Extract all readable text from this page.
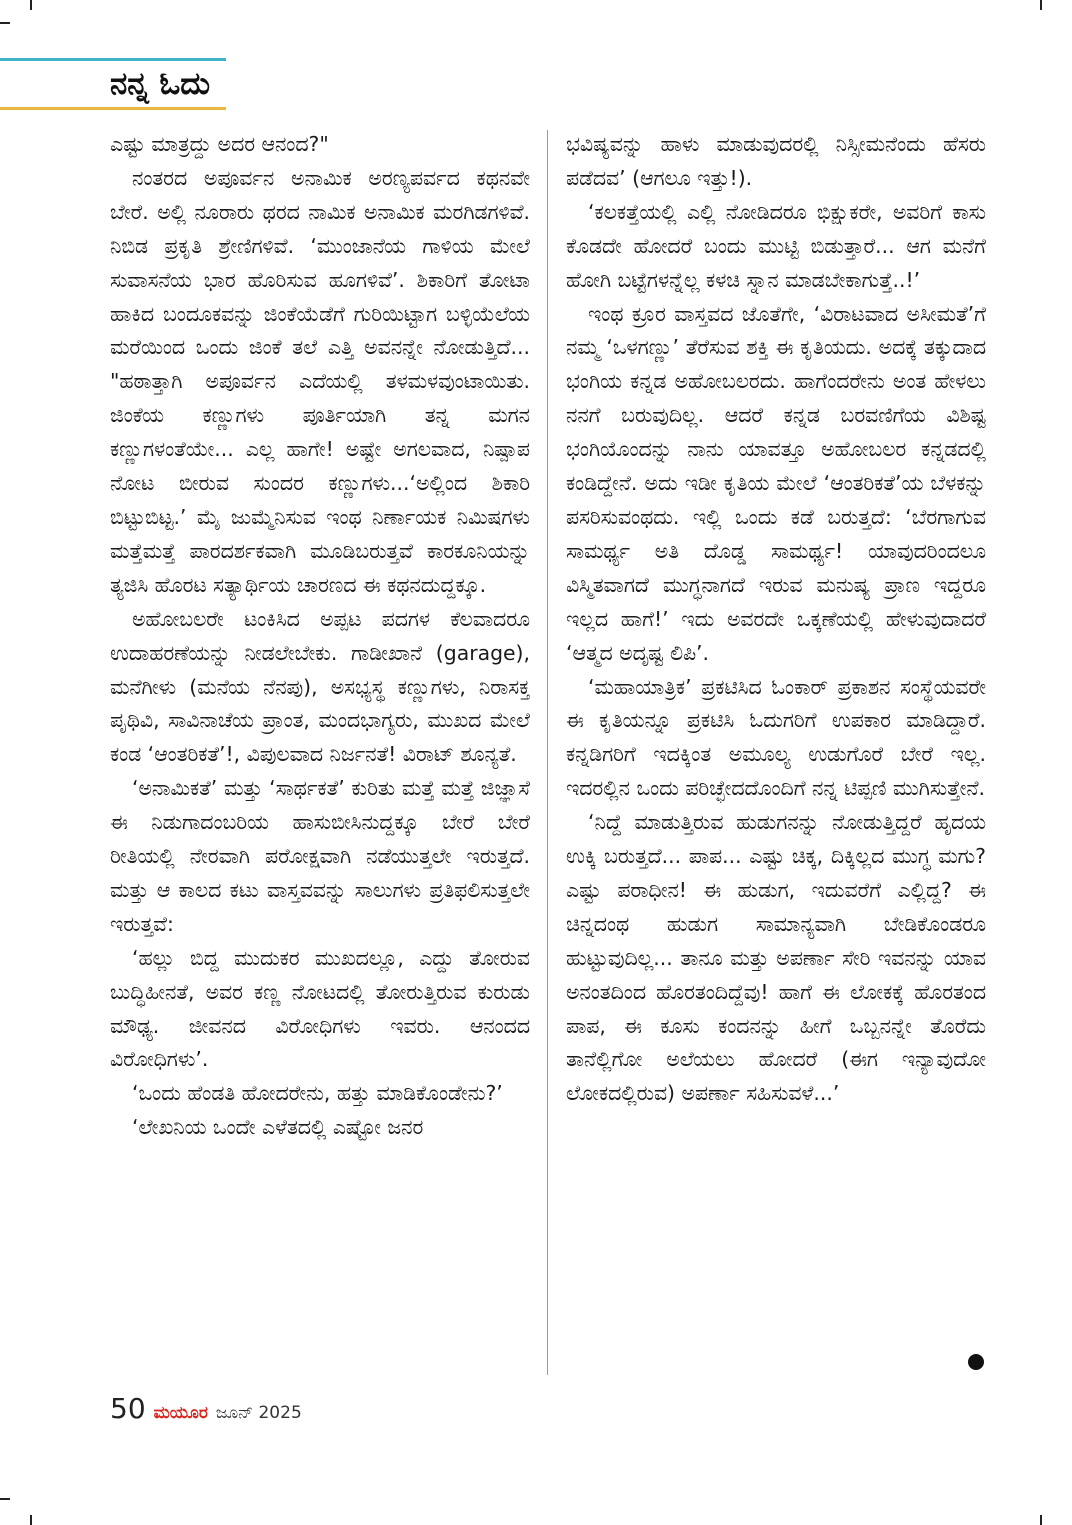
ನನ್ನ ಓದು

ಎಷ್ಟು ಮಾತ್ರದ್ದು ಅದರ ಆನಂದ?"

ನಂತರದ ಅಪೂರ್ವನ ಅನಾಮಿಕ ಅರಣ್ಯಪರ್ವದ ಕಥನವೇ ಬೇರೆ. ಅಲ್ಲಿ ನೂರಾರು ಥರದ ನಾಮಿಕ ಅನಾಮಿಕ ಮರಗಿಡಗಳಿವೆ. ನಿಬಿಡ ಪ್ರಕೃತಿ ಶ್ರೇಣಿಗಳಿವೆ. ‘ಮುಂಜಾನೆಯ ಗಾಳಿಯ ಮೇಲೆ ಸುವಾಸನೆಯ ಭಾರ ಹೊರಿಸುವ ಹೂಗಳಿವೆ’. ಶಿಕಾರಿಗೆ ತೋಟಾ ಹಾಕಿದ ಬಂದೂಕವನ್ನು ಜಿಂಕೆಯೆಡೆಗೆ ಗುರಿಯಿಟ್ಟಾಗ ಬಳ್ಳಿಯೆಲೆಯ ಮರೆಯಿಂದ ಒಂದು ಜಿಂಕೆ ತಲೆ ಎತ್ತಿ ಅವನನ್ನೇ ನೋಡುತ್ತಿದೆ... "ಹಠಾತ್ತಾಗಿ ಅಪೂರ್ವನ ಎದೆಯಲ್ಲಿ ತಳಮಳವುಂಟಾಯಿತು. ಜಿಂಕೆಯ ಕಣ್ಣುಗಳು ಪೂರ್ತಿಯಾಗಿ ತನ್ನ ಮಗನ ಕಣ್ಣುಗಳಂತೆಯೇ... ಎಲ್ಲ ಹಾಗೇ! ಅಷ್ಟೇ ಅಗಲವಾದ, ನಿಷ್ಪಾಪ ನೋಟ ಬೀರುವ ಸುಂದರ ಕಣ್ಣುಗಳು...‘ಅಲ್ಲಿಂದ ಶಿಕಾರಿ ಬಿಟ್ಟುಬಿಟ್ಟ.’ ಮೈ ಜುಮ್ಮೆನಿಸುವ ಇಂಥ ನಿರ್ಣಾಯಕ ನಿಮಿಷಗಳು ಮತ್ತೆಮತ್ತೆ ಪಾರದರ್ಶಕವಾಗಿ ಮೂಡಿಬರುತ್ತವೆ ಕಾರಕೂನಿಯನ್ನು ತ್ಯಜಿಸಿ ಹೊರಟ ಸತ್ಯಾರ್ಥಿಯ ಚಾರಣದ ಈ ಕಥನದುದ್ದಕ್ಕೂ.

ಅಹೋಬಲರೇ ಟಂಕಿಸಿದ ಅಪ್ಪಟ ಪದಗಳ ಕೆಲವಾದರೂ ಉದಾಹರಣೆಯನ್ನು ನೀಡಲೇಬೇಕು. ಗಾಡೀಖಾನೆ (garage), ಮನೆಗೀಳು (ಮನೆಯ ನೆನಪು), ಅಸಭ್ಯಸ್ಥ ಕಣ್ಣುಗಳು, ನಿರಾಸಕ್ತ ಪೃಥಿವಿ, ಸಾವಿನಾಚೆಯ ಪ್ರಾಂತ, ಮಂದಭಾಗ್ಯರು, ಮುಖದ ಮೇಲೆ ಕಂಡ ‘ಆಂತರಿಕತೆ’!, ವಿಪುಲವಾದ ನಿರ್ಜನತೆ! ವಿರಾಟ್ ಶೂನ್ಯತೆ.

‘ಅನಾಮಿಕತೆ’ ಮತ್ತು ‘ಸಾರ್ಥಕತೆ’ ಕುರಿತು ಮತ್ತೆ ಮತ್ತೆ ಜಿಜ್ಞಾಸೆ ಈ ನಿಡುಗಾದಂಬರಿಯ ಹಾಸುಬೀಸಿನುದ್ದಕ್ಕೂ ಬೇರೆ ಬೇರೆ ರೀತಿಯಲ್ಲಿ ನೇರವಾಗಿ ಪರೋಕ್ಷವಾಗಿ ನಡೆಯುತ್ತಲೇ ಇರುತ್ತದೆ. ಮತ್ತು ಆ ಕಾಲದ ಕಟು ವಾಸ್ತವವನ್ನು ಸಾಲುಗಳು ಪ್ರತಿಫಲಿಸುತ್ತಲೇ ಇರುತ್ತವೆ:

‘ಹಲ್ಲು ಬಿದ್ದ ಮುದುಕರ ಮುಖದಲ್ಲೂ, ಎದ್ದು ತೋರುವ ಬುದ್ಧಿಹೀನತೆ, ಅವರ ಕಣ್ಣ ನೋಟದಲ್ಲಿ ತೋರುತ್ತಿರುವ ಕುರುಡು ಮೌಢ್ಯ. ಜೀವನದ ವಿರೋಧಿಗಳು ಇವರು. ಆನಂದದ ವಿರೋಧಿಗಳು’.

‘ಒಂದು ಹೆಂಡತಿ ಹೋದರೇನು, ಹತ್ತು ಮಾಡಿಕೊಂಡೇನು?’

‘ಲೇಖನಿಯ ಒಂದೇ ಎಳೆತದಲ್ಲಿ ಎಷ್ಟೋ ಜನರ

ಭವಿಷ್ಯವನ್ನು ಹಾಳು ಮಾಡುವುದರಲ್ಲಿ ನಿಸ್ಸೀಮನೆಂದು ಹೆಸರು ಪಡೆದವ’ (ಆಗಲೂ ಇತ್ತು!).

‘ಕಲಕತ್ತೆಯಲ್ಲಿ ಎಲ್ಲಿ ನೋಡಿದರೂ ಭಿಕ್ಷುಕರೇ, ಅವರಿಗೆ ಕಾಸು ಕೊಡದೇ ಹೋದರೆ ಬಂದು ಮುಟ್ಟಿ ಬಿಡುತ್ತಾರೆ... ಆಗ ಮನೆಗೆ ಹೋಗಿ ಬಟ್ಟೆಗಳನ್ನೆಲ್ಲ ಕಳಚಿ ಸ್ನಾನ ಮಾಡಬೇಕಾಗುತ್ತೆ..!’

ಇಂಥ ಕ್ರೂರ ವಾಸ್ತವದ ಜೊತೆಗೇ, ‘ವಿರಾಟವಾದ ಅಸೀಮತೆ’ಗೆ ನಮ್ಮ ‘ಒಳಗಣ್ಣು’ ತೆರೆಸುವ ಶಕ್ತಿ ಈ ಕೃತಿಯದು. ಅದಕ್ಕೆ ತಕ್ಕುದಾದ ಭಂಗಿಯ ಕನ್ನಡ ಅಹೋಬಲರದು. ಹಾಗೆಂದರೇನು ಅಂತ ಹೇಳಲು ನನಗೆ ಬರುವುದಿಲ್ಲ. ಆದರೆ ಕನ್ನಡ ಬರವಣಿಗೆಯ ವಿಶಿಷ್ಟ ಭಂಗಿಯೊಂದನ್ನು ನಾನು ಯಾವತ್ತೂ ಅಹೋಬಲರ ಕನ್ನಡದಲ್ಲಿ ಕಂಡಿದ್ದೇನೆ. ಅದು ಇಡೀ ಕೃತಿಯ ಮೇಲೆ ‘ಆಂತರಿಕತೆ’ಯ ಬೆಳಕನ್ನು ಪಸರಿಸುವಂಥದು. ಇಲ್ಲಿ ಒಂದು ಕಡೆ ಬರುತ್ತದೆ: ‘ಬೆರಗಾಗುವ ಸಾಮರ್ಥ್ಯ ಅತಿ ದೊಡ್ಡ ಸಾಮರ್ಥ್ಯ! ಯಾವುದರಿಂದಲೂ ವಿಸ್ಮಿತವಾಗದೆ ಮುಗ್ಧನಾಗದೆ ಇರುವ ಮನುಷ್ಯ ಪ್ರಾಣ ಇದ್ದರೂ ಇಲ್ಲದ ಹಾಗೆ!’ ಇದು ಅವರದೇ ಒಕ್ಕಣೆಯಲ್ಲಿ ಹೇಳುವುದಾದರೆ ‘ಆತ್ಮದ ಅದೃಷ್ಟ ಲಿಪಿ’.

‘ಮಹಾಯಾತ್ರಿಕ’ ಪ್ರಕಟಿಸಿದ ಓಂಕಾರ್ ಪ್ರಕಾಶನ ಸಂಸ್ಥೆಯವರೇ ಈ ಕೃತಿಯನ್ನೂ ಪ್ರಕಟಿಸಿ ಓದುಗರಿಗೆ ಉಪಕಾರ ಮಾಡಿದ್ದಾರೆ. ಕನ್ನಡಿಗರಿಗೆ ಇದಕ್ಕಿಂತ ಅಮೂಲ್ಯ ಉಡುಗೊರೆ ಬೇರೆ ಇಲ್ಲ. ಇದರಲ್ಲಿನ ಒಂದು ಪರಿಚ್ಛೇದದೊಂದಿಗೆ ನನ್ನ ಟಿಪ್ಪಣಿ ಮುಗಿಸುತ್ತೇನೆ.

‘ನಿದ್ದೆ ಮಾಡುತ್ತಿರುವ ಹುಡುಗನನ್ನು ನೋಡುತ್ತಿದ್ದರೆ ಹೃದಯ ಉಕ್ಕಿ ಬರುತ್ತದೆ... ಪಾಪ... ಎಷ್ಟು ಚಿಕ್ಕ, ದಿಕ್ಕಿಲ್ಲದ ಮುಗ್ಧ ಮಗು? ಎಷ್ಟು ಪರಾಧೀನ! ಈ ಹುಡುಗ, ಇದುವರೆಗೆ ಎಲ್ಲಿದ್ದ? ಈ ಚಿನ್ನದಂಥ ಹುಡುಗ ಸಾಮಾನ್ಯವಾಗಿ ಬೇಡಿಕೊಂಡರೂ ಹುಟ್ಟುವುದಿಲ್ಲ... ತಾನೂ ಮತ್ತು ಅಪರ್ಣಾ ಸೇರಿ ಇವನನ್ನು ಯಾವ ಅನಂತದಿಂದ ಹೊರತಂದಿದ್ದೆವು! ಹಾಗೆ ಈ ಲೋಕಕ್ಕೆ ಹೊರತಂದ ಪಾಪ, ಈ ಕೂಸು ಕಂದನನ್ನು ಹೀಗೆ ಒಬ್ಬನನ್ನೇ ತೊರೆದು ತಾನೆಲ್ಲಿಗೋ ಅಲೆಯಲು ಹೋದರೆ (ಈಗ ಇನ್ಯಾವುದೋ ಲೋಕದಲ್ಲಿರುವ) ಅಪರ್ಣಾ ಸಹಿಸುವಳೆ...’

50 ಮಯೂರ ಜೂನ್ 2025
